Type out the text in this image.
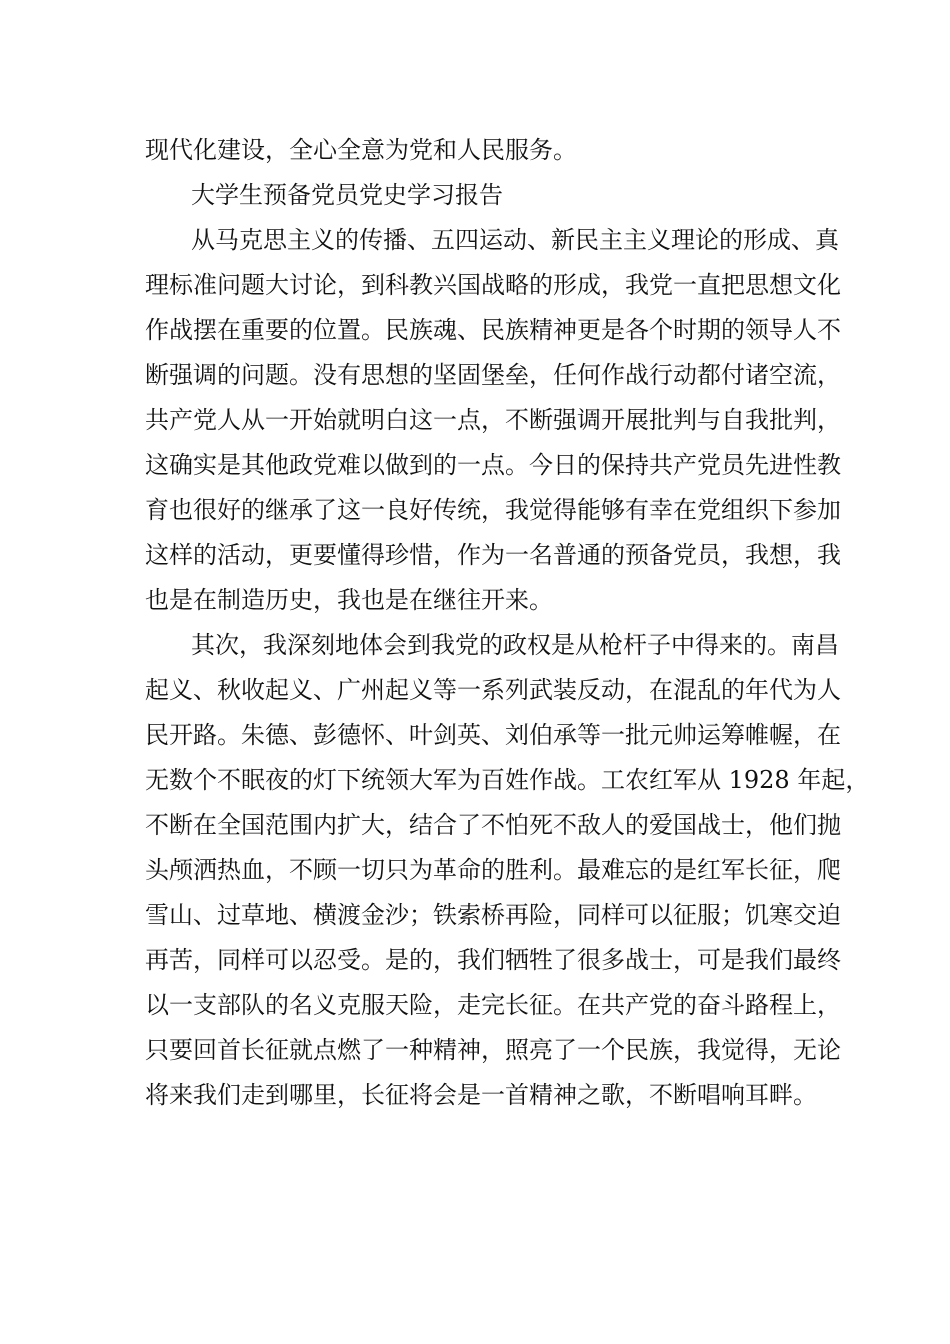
现代化建设，全心全意为党和人民服务。
大学生预备党员党史学习报告
从马克思主义的传播、五四运动、新民主主义理论的形成、真
理标准问题大讨论，到科教兴国战略的形成，我党一直把思想文化
作战摆在重要的位置。民族魂、民族精神更是各个时期的领导人不
断强调的问题。没有思想的坚固堡垒，任何作战行动都付诸空流，
共产党人从一开始就明白这一点，不断强调开展批判与自我批判，
这确实是其他政党难以做到的一点。今日的保持共产党员先进性教
育也很好的继承了这一良好传统，我觉得能够有幸在党组织下参加
这样的活动，更要懂得珍惜，作为一名普通的预备党员，我想，我
也是在制造历史，我也是在继往开来。
其次，我深刻地体会到我党的政权是从枪杆子中得来的。南昌
起义、秋收起义、广州起义等一系列武装反动，在混乱的年代为人
民开路。朱德、彭德怀、叶剑英、刘伯承等一批元帅运筹帷幄，在
无数个不眠夜的灯下统领大军为百姓作战。工农红军从 1928 年起，
不断在全国范围内扩大，结合了不怕死不敌人的爱国战士，他们抛
头颅洒热血，不顾一切只为革命的胜利。最难忘的是红军长征，爬
雪山、过草地、横渡金沙；铁索桥再险，同样可以征服；饥寒交迫
再苦，同样可以忍受。是的，我们牺牲了很多战士，可是我们最终
以一支部队的名义克服天险，走完长征。在共产党的奋斗路程上，
只要回首长征就点燃了一种精神，照亮了一个民族，我觉得，无论
将来我们走到哪里，长征将会是一首精神之歌，不断唱响耳畔。
